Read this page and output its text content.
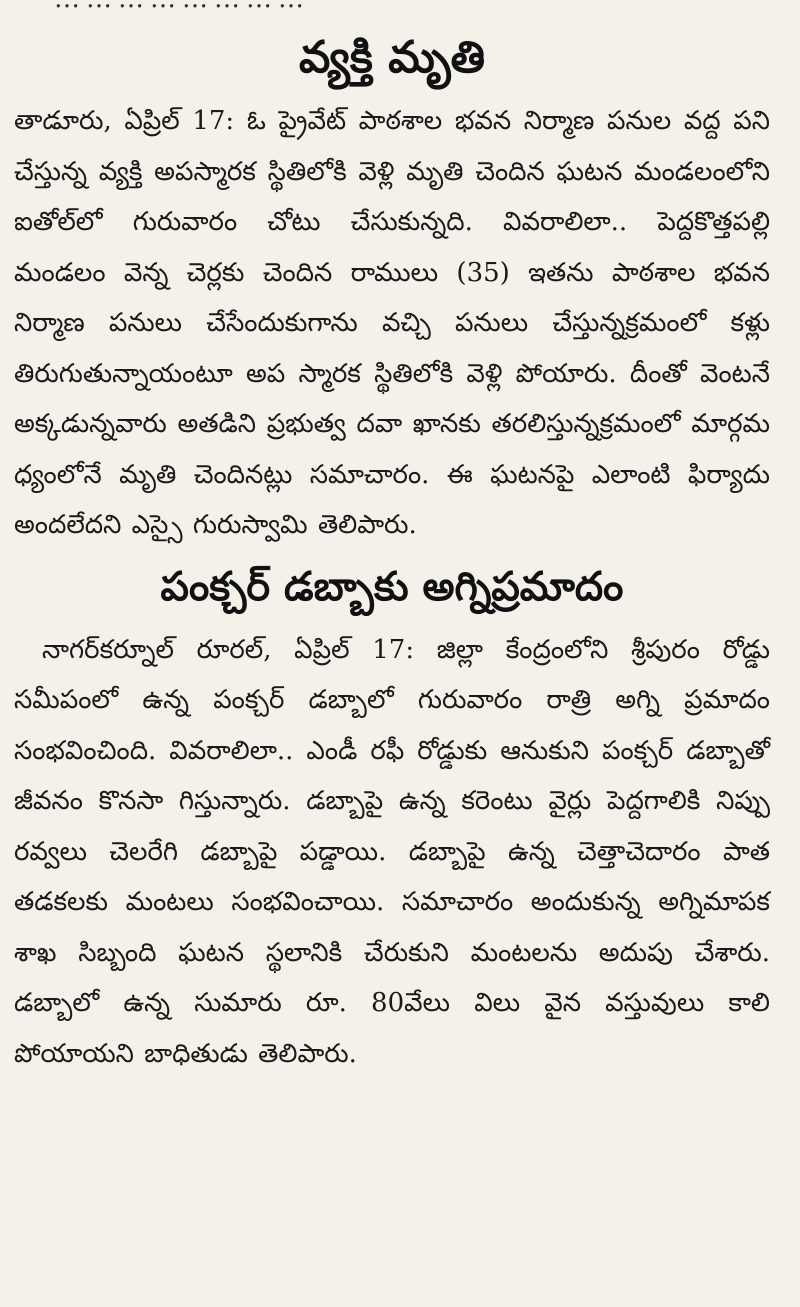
వ్యక్తి మృతి

తాడూరు, ఏప్రిల్ 17: ఓ ప్రైవేట్ పాఠశాల భవన నిర్మాణ పనుల వద్ద పని చేస్తున్న వ్యక్తి అపస్మారక స్థితిలోకి వెళ్లి మృతి చెందిన ఘటన మండలంలోని ఐతోల్‌లో గురువారం చోటు చేసుకున్నది. వివరాలిలా.. పెద్దకొత్తపల్లి మండలం వెన్న చెర్లకు చెందిన రాములు (35) ఇతను పాఠశాల భవన నిర్మాణ పనులు చేసేందుకుగాను వచ్చి పనులు చేస్తున్నక్రమంలో కళ్లు తిరుగుతున్నాయంటూ అప స్మారక స్థితిలోకి వెళ్లి పోయారు. దీంతో వెంటనే అక్కడున్నవారు అతడిని ప్రభుత్వ దవా ఖానకు తరలిస్తున్నక్రమంలో మార్గమ ధ్యంలోనే మృతి చెందినట్లు సమాచారం. ఈ ఘటనపై ఎలాంటి ఫిర్యాదు అందలేదని ఎస్సై గురుస్వామి తెలిపారు.

పంక్చర్ డబ్బాకు అగ్నిప్రమాదం

నాగర్‌కర్నూల్ రూరల్, ఏప్రిల్ 17: జిల్లా కేంద్రంలోని శ్రీపురం రోడ్డు సమీపంలో ఉన్న పంక్చర్ డబ్బాలో గురువారం రాత్రి అగ్ని ప్రమాదం సంభవించింది. వివరాలిలా.. ఎండీ రఫీ రోడ్డుకు ఆనుకుని పంక్చర్ డబ్బాతో జీవనం కొనసా గిస్తున్నారు. డబ్బాపై ఉన్న కరెంటు వైర్లు పెద్దగాలికి నిప్పు రవ్వలు చెలరేగి డబ్బాపై పడ్డాయి. డబ్బాపై ఉన్న చెత్తాచెదారం పాత తడకలకు మంటలు సంభవించాయి. సమాచారం అందుకున్న అగ్నిమాపక శాఖ సిబ్బంది ఘటన స్థలానికి చేరుకుని మంటలను అదుపు చేశారు. డబ్బాలో ఉన్న సుమారు రూ. 80వేలు విలు వైన వస్తువులు కాలి పోయాయని బాధితుడు తెలిపారు.
